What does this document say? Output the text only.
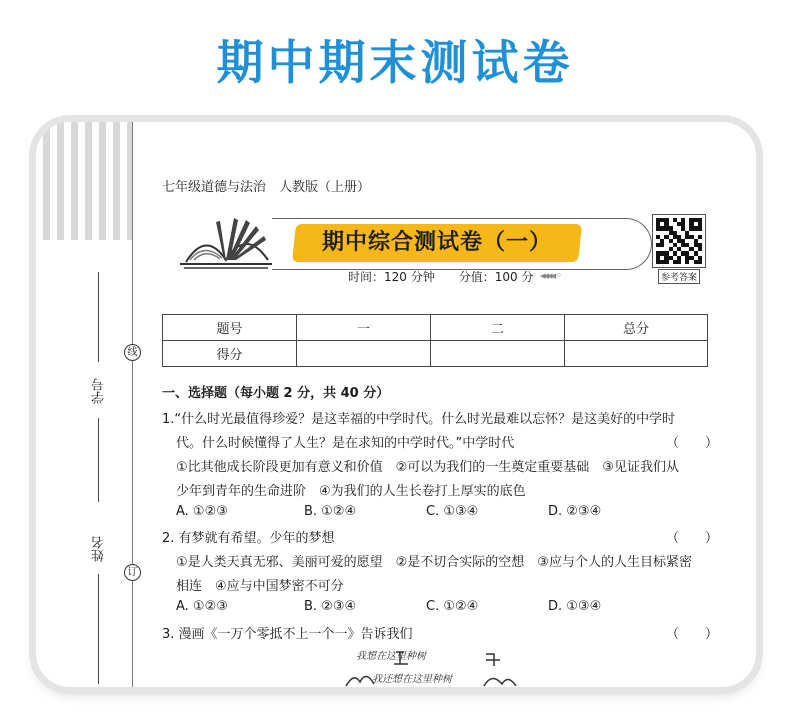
期中期末测试卷
学号
线
姓名
订
七年级道德与法治　人教版（上册）
期中综合测试卷（一）
时间：120 分钟　　分值：100 分 ◂◂◂◂ ◦	参考答案
题号	一	二	总分
得分			
一、选择题（每小题 2 分，共 40 分）
1.“什么时光最值得珍爱？是这幸福的中学时代。什么时光最难以忘怀？是这美好的中学时
代。什么时候懂得了人生？是在求知的中学时代。”中学时代	（　　）
①比其他成长阶段更加有意义和价值　②可以为我们的一生奠定重要基础　③见证我们从
少年到青年的生命进阶　④为我们的人生长卷打上厚实的底色
A. ①②③	B. ①②④	C. ①③④	D. ②③④
2. 有梦就有希望。少年的梦想	（　　）
①是人类天真无邪、美丽可爱的愿望　②是不切合实际的空想　③应与个人的人生目标紧密
相连　④应与中国梦密不可分
A. ①②③	B. ②③④	C. ①②④	D. ①③④
3. 漫画《一万个零抵不上一个一》告诉我们	（　　）
我想在这里种树
我还想在这里种树
